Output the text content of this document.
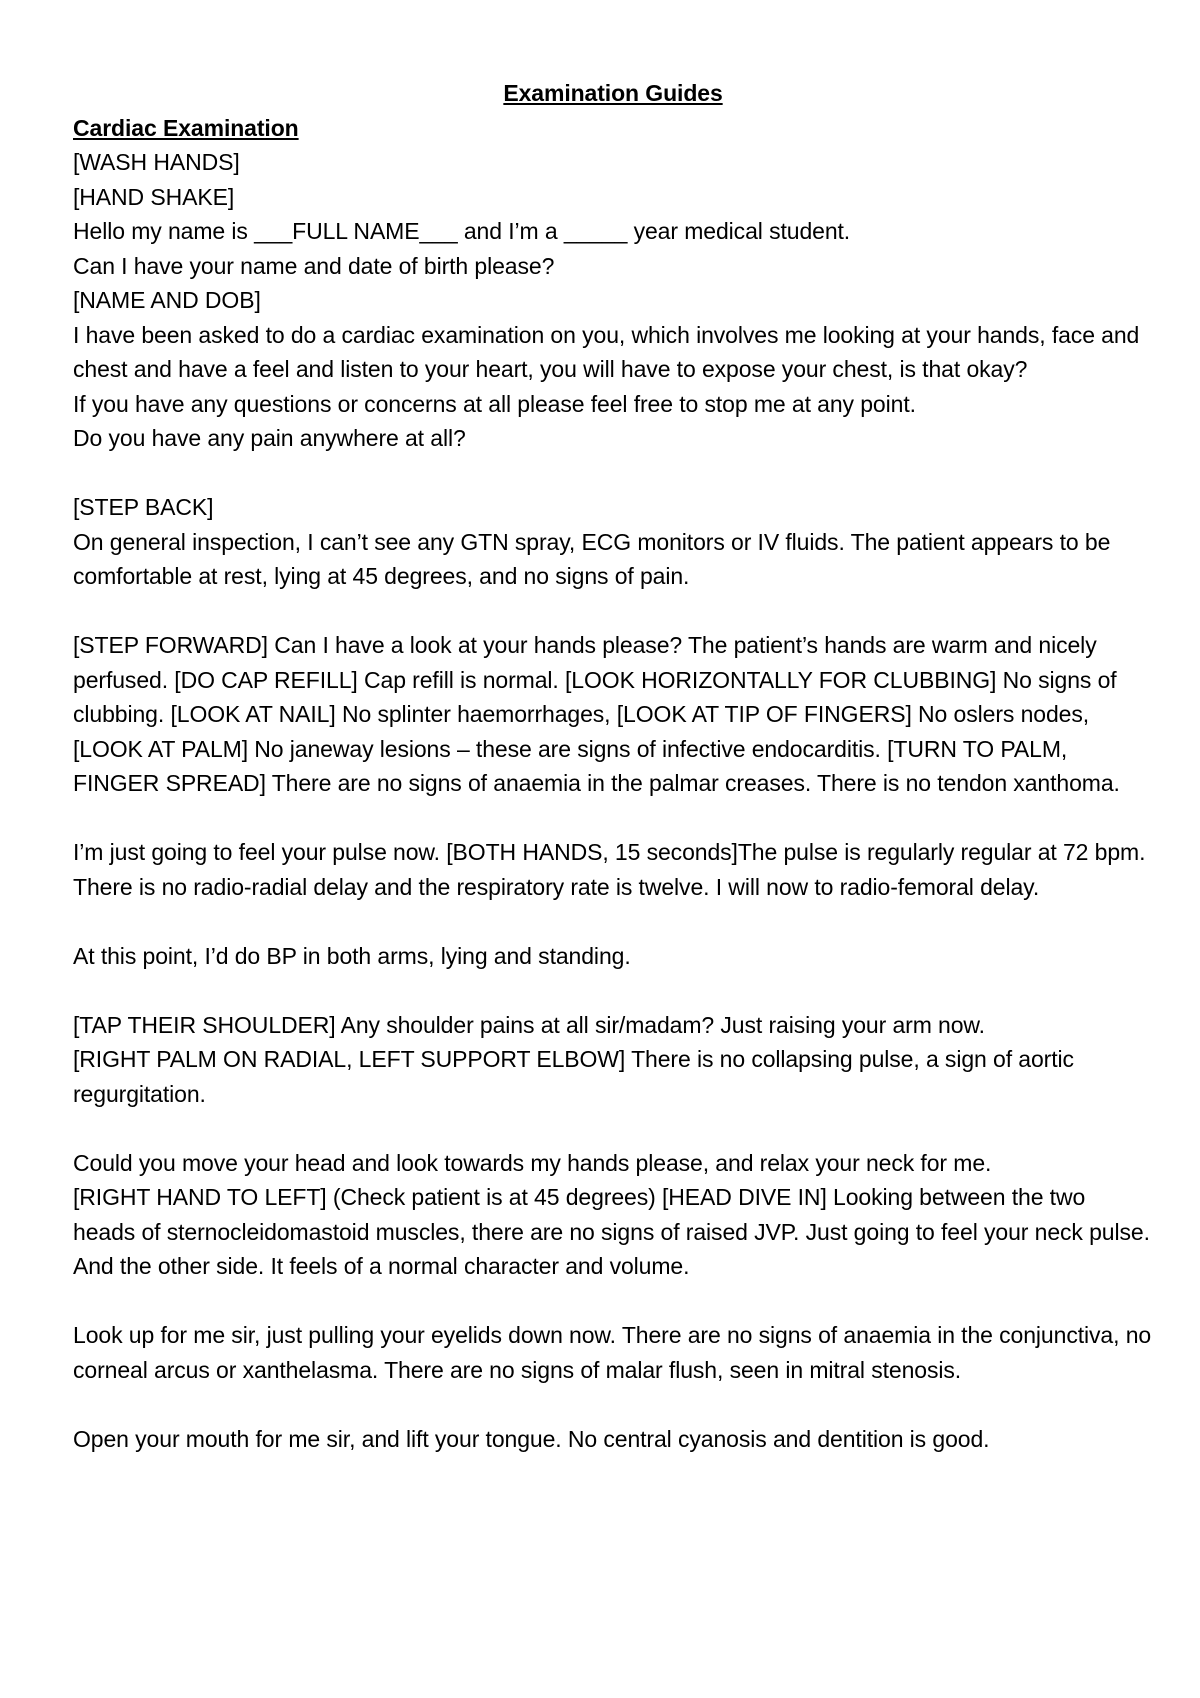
Examination Guides

Cardiac Examination

[WASH HANDS]

[HAND SHAKE]

Hello my name is ___FULL NAME___ and I’m a _____ year medical student.

Can I have your name and date of birth please?

[NAME AND DOB]

I have been asked to do a cardiac examination on you, which involves me looking at your hands, face and chest and have a feel and listen to your heart, you will have to expose your chest, is that okay?

If you have any questions or concerns at all please feel free to stop me at any point.

Do you have any pain anywhere at all?

[STEP BACK]

On general inspection, I can’t see any GTN spray, ECG monitors or IV fluids. The patient appears to be comfortable at rest, lying at 45 degrees, and no signs of pain.

[STEP FORWARD] Can I have a look at your hands please? The patient’s hands are warm and nicely perfused. [DO CAP REFILL] Cap refill is normal. [LOOK HORIZONTALLY FOR CLUBBING] No signs of clubbing. [LOOK AT NAIL] No splinter haemorrhages, [LOOK AT TIP OF FINGERS] No oslers nodes, [LOOK AT PALM] No janeway lesions – these are signs of infective endocarditis. [TURN TO PALM, FINGER SPREAD] There are no signs of anaemia in the palmar creases. There is no tendon xanthoma.

I’m just going to feel your pulse now. [BOTH HANDS, 15 seconds]The pulse is regularly regular at 72 bpm. There is no radio-radial delay and the respiratory rate is twelve. I will now to radio-femoral delay.

At this point, I’d do BP in both arms, lying and standing.

[TAP THEIR SHOULDER] Any shoulder pains at all sir/madam? Just raising your arm now.

[RIGHT PALM ON RADIAL, LEFT SUPPORT ELBOW] There is no collapsing pulse, a sign of aortic regurgitation.

Could you move your head and look towards my hands please, and relax your neck for me.

[RIGHT HAND TO LEFT] (Check patient is at 45 degrees) [HEAD DIVE IN] Looking between the two heads of sternocleidomastoid muscles, there are no signs of raised JVP. Just going to feel your neck pulse. And the other side. It feels of a normal character and volume.

Look up for me sir, just pulling your eyelids down now. There are no signs of anaemia in the conjunctiva, no corneal arcus or xanthelasma. There are no signs of malar flush, seen in mitral stenosis.

Open your mouth for me sir, and lift your tongue. No central cyanosis and dentition is good.
